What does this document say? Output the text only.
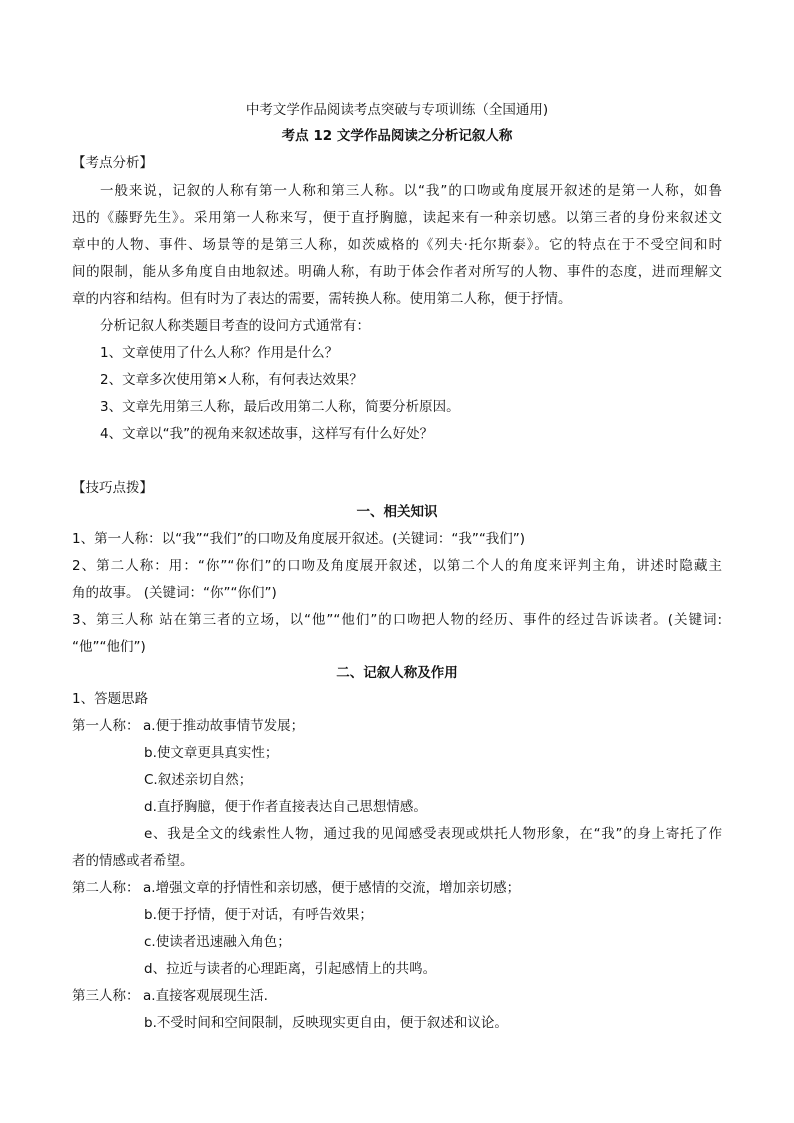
中考文学作品阅读考点突破与专项训练（全国通用)
考点 12 文学作品阅读之分析记叙人称
【考点分析】
一般来说，记叙的人称有第一人称和第三人称。以“我”的口吻或角度展开叙述的是第一人称，如鲁
迅的《藤野先生》。采用第一人称来写，便于直抒胸臆，读起来有一种亲切感。以第三者的身份来叙述文
章中的人物、事件、场景等的是第三人称，如茨威格的《列夫·托尔斯泰》。它的特点在于不受空间和时
间的限制，能从多角度自由地叙述。明确人称，有助于体会作者对所写的人物、事件的态度，进而理解文
章的内容和结构。但有时为了表达的需要，需转换人称。使用第二人称，便于抒情。
分析记叙人称类题目考查的设问方式通常有：
1、文章使用了什么人称？作用是什么？
2、文章多次使用第×人称，有何表达效果？
3、文章先用第三人称，最后改用第二人称，简要分析原因。
4、文章以“我”的视角来叙述故事，这样写有什么好处？
【技巧点拨】
一、相关知识
1、第一人称：以“我”“我们”的口吻及角度展开叙述。(关键词：“我”“我们”)
2、第二人称：用：“你”“你们”的口吻及角度展开叙述，以第二个人的角度来评判主角，讲述时隐藏主
角的故事。 (关键词：“你”“你们”)
3、第三人称 站在第三者的立场，以“他”“他们”的口吻把人物的经历、事件的经过告诉读者。(关键词:
“他”“他们”)
二、记叙人称及作用
1、答题思路
第一人称： a.便于推动故事情节发展；
b.使文章更具真实性；
C.叙述亲切自然；
d.直抒胸臆，便于作者直接表达自己思想情感。
e、我是全文的线索性人物，通过我的见闻感受表现或烘托人物形象，在“我”的身上寄托了作
者的情感或者希望。
第二人称： a.增强文章的抒情性和亲切感，便于感情的交流，增加亲切感；
b.便于抒情，便于对话，有呼告效果；
c.使读者迅速融入角色；
d、拉近与读者的心理距离，引起感情上的共鸣。
第三人称： a.直接客观展现生活.
b.不受时间和空间限制，反映现实更自由，便于叙述和议论。
